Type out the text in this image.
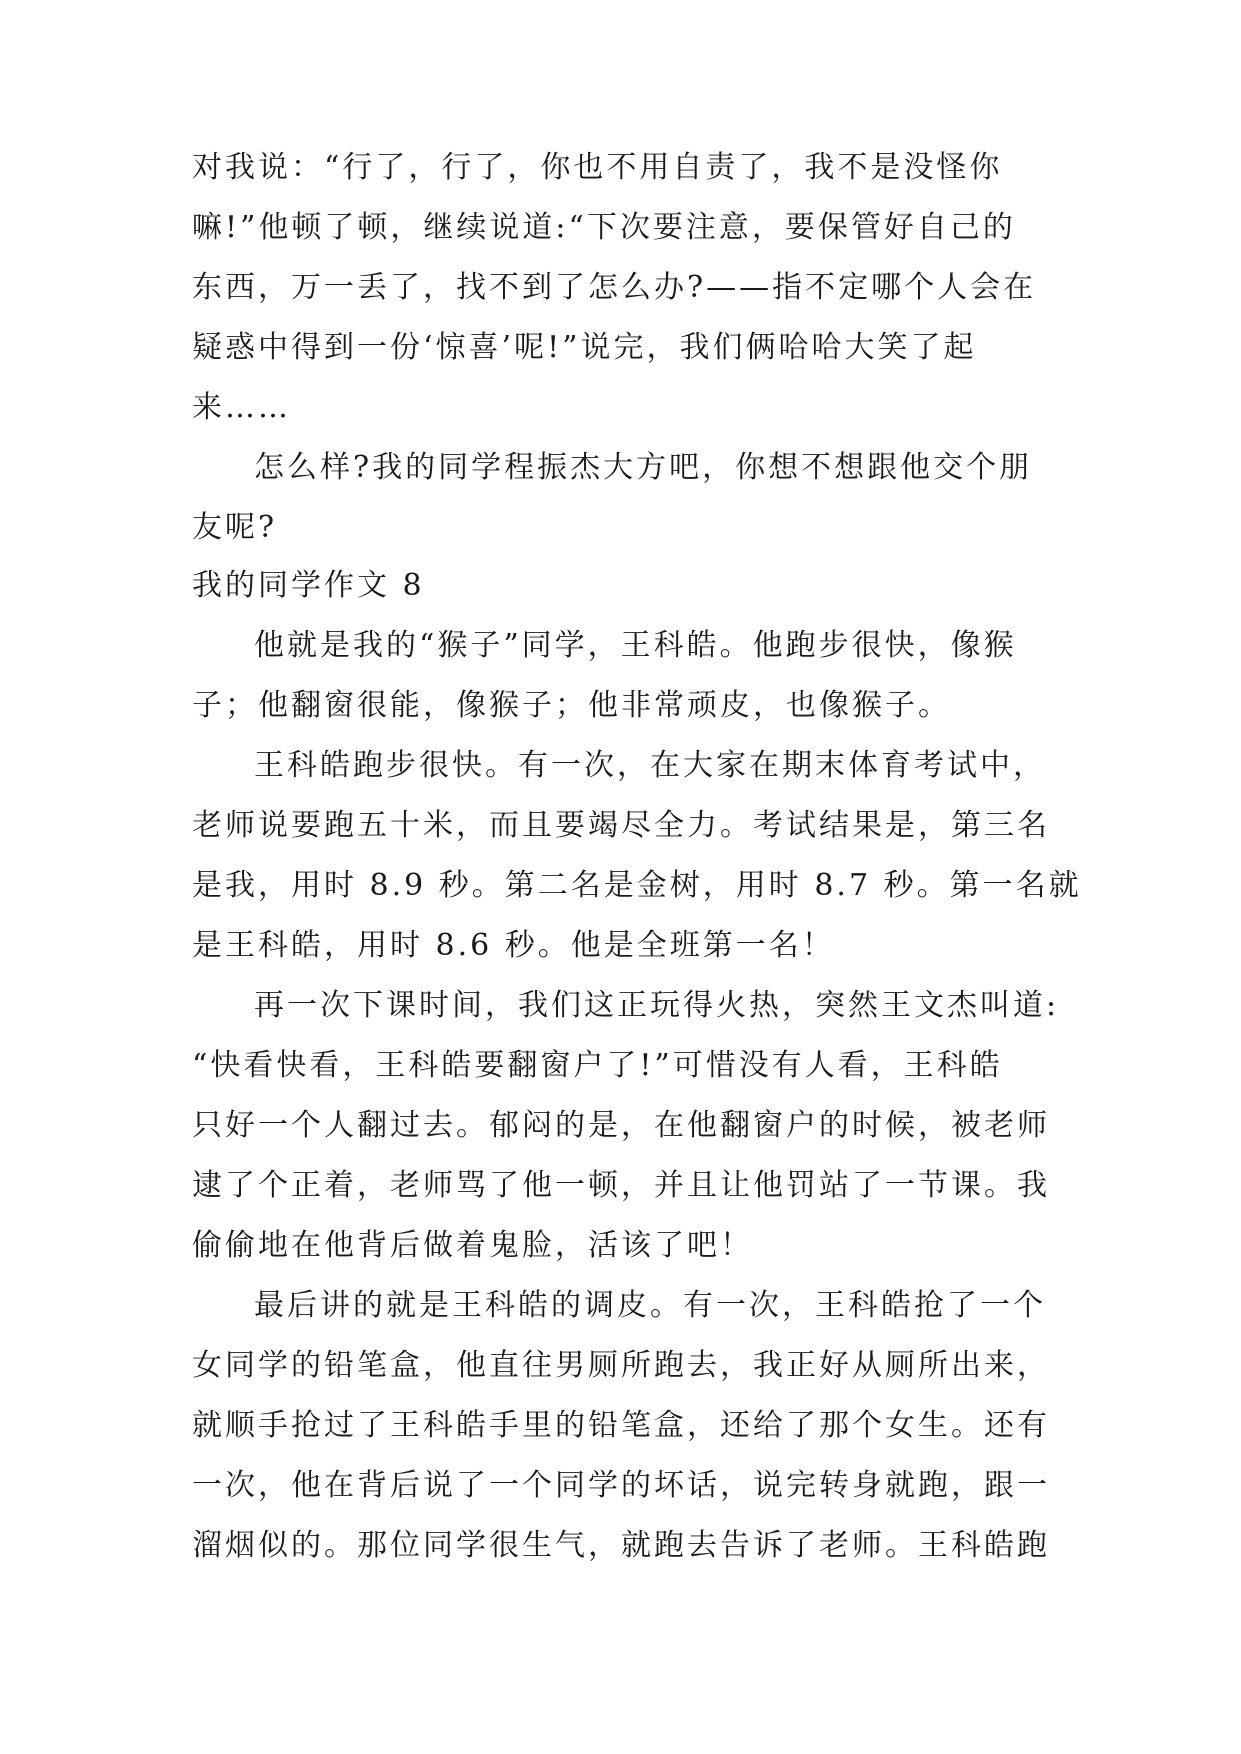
对我说：“行了，行了，你也不用自责了，我不是没怪你
嘛!”他顿了顿，继续说道:“下次要注意，要保管好自己的
东西，万一丢了，找不到了怎么办?——指不定哪个人会在
疑惑中得到一份‘惊喜’呢!”说完，我们俩哈哈大笑了起
来……
怎么样?我的同学程振杰大方吧，你想不想跟他交个朋
友呢?
我的同学作文 8
他就是我的“猴子”同学，王科皓。他跑步很快，像猴
子；他翻窗很能，像猴子；他非常顽皮，也像猴子。
王科皓跑步很快。有一次，在大家在期末体育考试中，
老师说要跑五十米，而且要竭尽全力。考试结果是，第三名
是我，用时 8.9 秒。第二名是金树，用时 8.7 秒。第一名就
是王科皓，用时 8.6 秒。他是全班第一名！
再一次下课时间，我们这正玩得火热，突然王文杰叫道:
“快看快看，王科皓要翻窗户了!”可惜没有人看，王科皓
只好一个人翻过去。郁闷的是，在他翻窗户的时候，被老师
逮了个正着，老师骂了他一顿，并且让他罚站了一节课。我
偷偷地在他背后做着鬼脸，活该了吧！
最后讲的就是王科皓的调皮。有一次，王科皓抢了一个
女同学的铅笔盒，他直往男厕所跑去，我正好从厕所出来，
就顺手抢过了王科皓手里的铅笔盒，还给了那个女生。还有
一次，他在背后说了一个同学的坏话，说完转身就跑，跟一
溜烟似的。那位同学很生气，就跑去告诉了老师。王科皓跑
